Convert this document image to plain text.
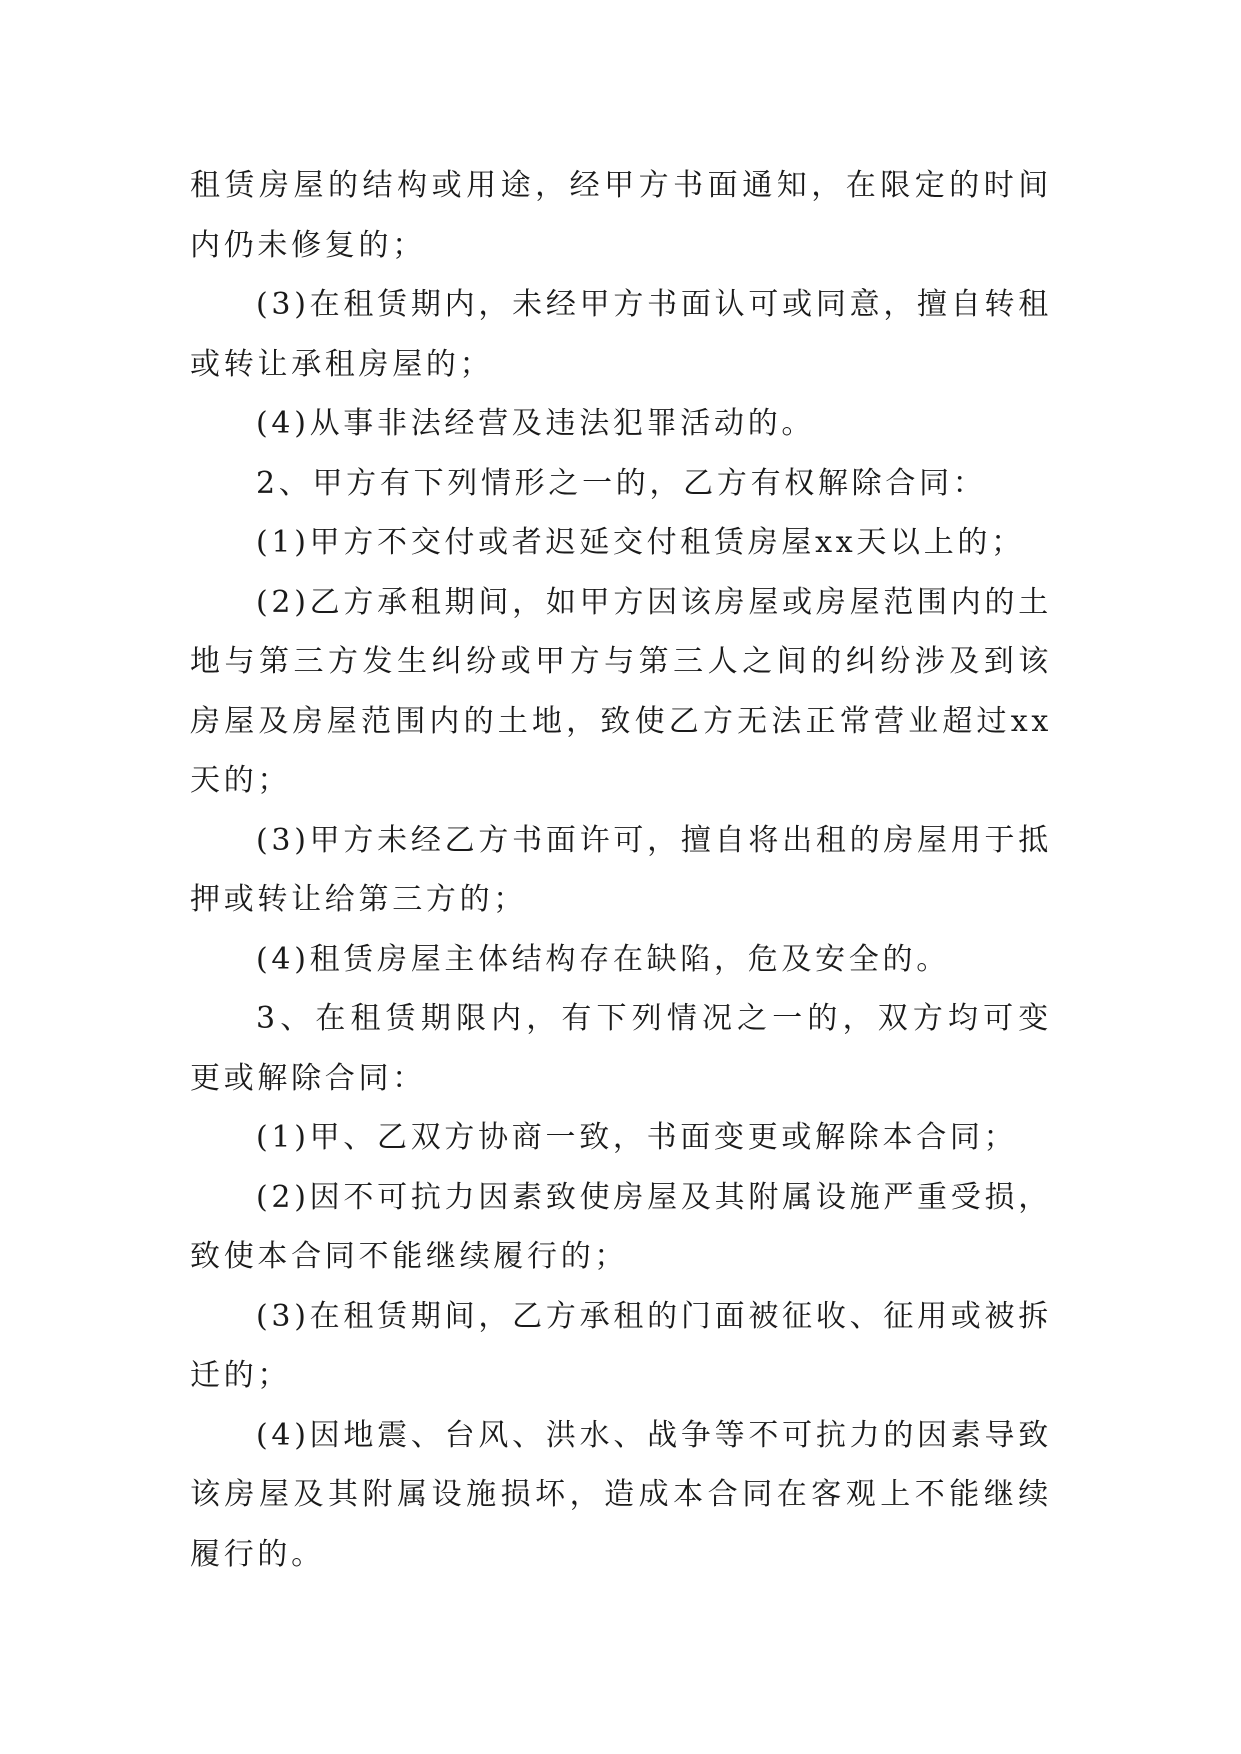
租赁房屋的结构或用途，经甲方书面通知，在限定的时间内仍未修复的；

(3)在租赁期内，未经甲方书面认可或同意，擅自转租或转让承租房屋的；

(4)从事非法经营及违法犯罪活动的。

2、甲方有下列情形之一的，乙方有权解除合同：

(1)甲方不交付或者迟延交付租赁房屋xx天以上的；

(2)乙方承租期间，如甲方因该房屋或房屋范围内的土地与第三方发生纠纷或甲方与第三人之间的纠纷涉及到该房屋及房屋范围内的土地，致使乙方无法正常营业超过xx天的；

(3)甲方未经乙方书面许可，擅自将出租的房屋用于抵押或转让给第三方的；

(4)租赁房屋主体结构存在缺陷，危及安全的。

3、在租赁期限内，有下列情况之一的，双方均可变更或解除合同：

(1)甲、乙双方协商一致，书面变更或解除本合同；

(2)因不可抗力因素致使房屋及其附属设施严重受损，致使本合同不能继续履行的；

(3)在租赁期间，乙方承租的门面被征收、征用或被拆迁的；

(4)因地震、台风、洪水、战争等不可抗力的因素导致该房屋及其附属设施损坏，造成本合同在客观上不能继续履行的。
